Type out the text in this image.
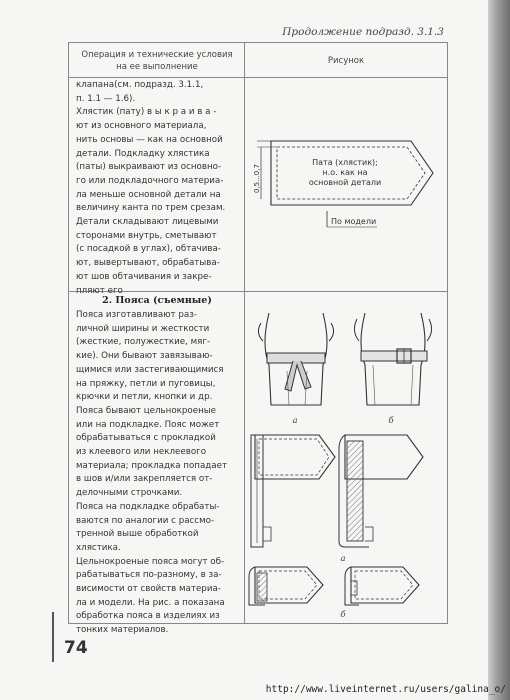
Продолжение подразд. 3.1.3
Операция и технические условия
на ее выполнение
Рисунок
клапана(см. подразд. 3.1.1,
п. 1.1 — 1.6).
Хлястик (пату) в ы к р а и в а -
ют из основного материала,
нить основы — как на основной
детали. Подкладку хлястика
(паты) выкраивают из основно-
го или подкладочного материа-
ла меньше основной детали на
величину канта по трем срезам.
Детали складывают лицевыми
сторонами внутрь, сметывают
(с посадкой в углах), обтачива-
ют, вывертывают, обрабатыва-
ют шов обтачивания и закре-
пляют его
0,5...0,7
Пата (хлястик);
н.о. как на
основной детали
По модели
2. Пояса (съемные)
Пояса изготавливают раз-
личной ширины и жесткости
(жесткие, полужесткие, мяг-
кие). Они бывают завязываю-
щимися или застегивающимися
на пряжку, петли и пуговицы,
крючки и петли, кнопки и др.
Пояса бывают цельнокроеные
или на подкладке. Пояс может
обрабатываться с прокладкой
из клеевого или неклеевого
материала; прокладка попадает
в шов и/или закрепляется от-
делочными строчками.
Пояса на подкладке обрабаты-
ваются по аналогии с рассмо-
тренной выше обработкой
хлястика.
Цельнокроеные пояса могут об-
рабатываться по-разному, в за-
висимости от свойств материа-
ла и модели. На рис. а показана
обработка пояса в изделиях из
тонких материалов.
а	б
а
б
74
http://www.liveinternet.ru/users/galina_o/
